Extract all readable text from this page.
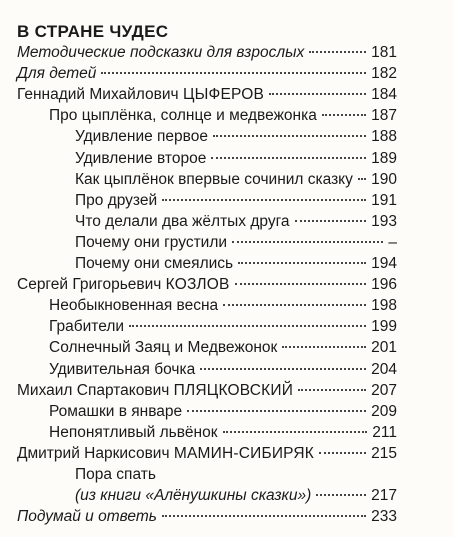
В СТРАНЕ ЧУДЕС
Методические подсказки для взрослых	181
Для детей	182
Геннадий Михайлович ЦЫФЕРОВ	184
Про цыплёнка, солнце и медвежонка	187
Удивление первое	188
Удивление второе	189
Как цыплёнок впервые сочинил сказку 190
Про друзей	191
Что делали два жёлтых друга	193
Почему они грустили	–
Почему они смеялись	194
Сергей Григорьевич КОЗЛОВ	196
Необыкновенная весна	198
Грабители	199
Солнечный Заяц и Медвежонок	201
Удивительная бочка	204
Михаил Спартакович ПЛЯЦКОВСКИЙ	207
Ромашки в январе	209
Непонятливый львёнок	211
Дмитрий Наркисович МАМИН-СИБИРЯК	215
Пора спать
(из книги «Алёнушкины сказки»)	217
Подумай и ответь	233
